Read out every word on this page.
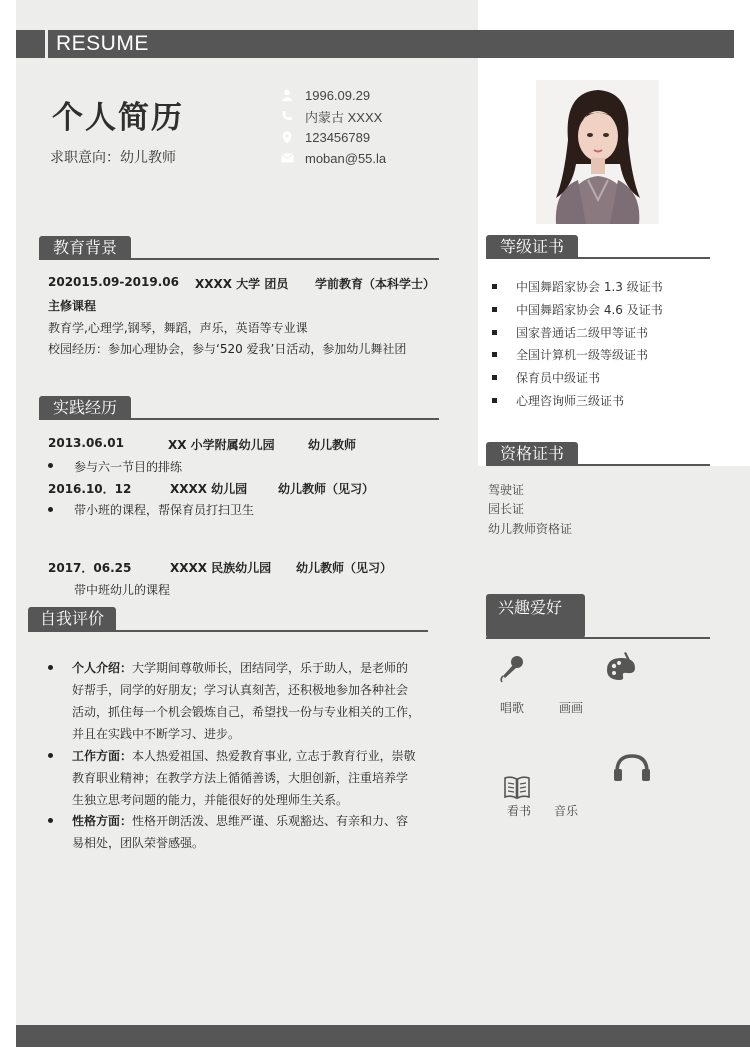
RESUME
个人简历
求职意向：幼儿教师
1996.09.29
内蒙古 XXXX
123456789
moban@55.la
教育背景
202015.09-2019.06 XXXX 大学 团员 学前教育（本科学士）
主修课程
教育学,心理学,钢琴，舞蹈，声乐，英语等专业课
校园经历：参加心理协会，参与‘520 爱我’日活动，参加幼儿舞社团
实践经历
2013.06.01	XX 小学附属幼儿园	幼儿教师
参与六一节目的排练
2016.10．12	XXXX 幼儿园	幼儿教师（见习）
带小班的课程，帮保育员打扫卫生
2017．06.25	XXXX 民族幼儿园 幼儿教师（见习）
带中班幼儿的课程
自我评价
个人介绍：大学期间尊敬师长，团结同学，乐于助人，是老师的
好帮手，同学的好朋友；学习认真刻苦，还积极地参加各种社会
活动，抓住每一个机会锻炼自己，希望找一份与专业相关的工作，
并且在实践中不断学习、进步。
工作方面：本人热爱祖国、热爱教育事业, 立志于教育行业，崇敬
教育职业精神；在教学方法上循循善诱，大胆创新，注重培养学
生独立思考问题的能力，并能很好的处理师生关系。
性格方面：性格开朗活泼、思维严谨、乐观豁达、有亲和力、容
易相处，团队荣誉感强。
等级证书
中国舞蹈家协会 1.3 级证书
中国舞蹈家协会 4.6 及证书
国家普通话二级甲等证书
全国计算机一级等级证书
保育员中级证书
心理咨询师三级证书
资格证书
驾驶证
园长证
幼儿教师资格证
兴趣爱好
唱歌	画画
看书 音乐
